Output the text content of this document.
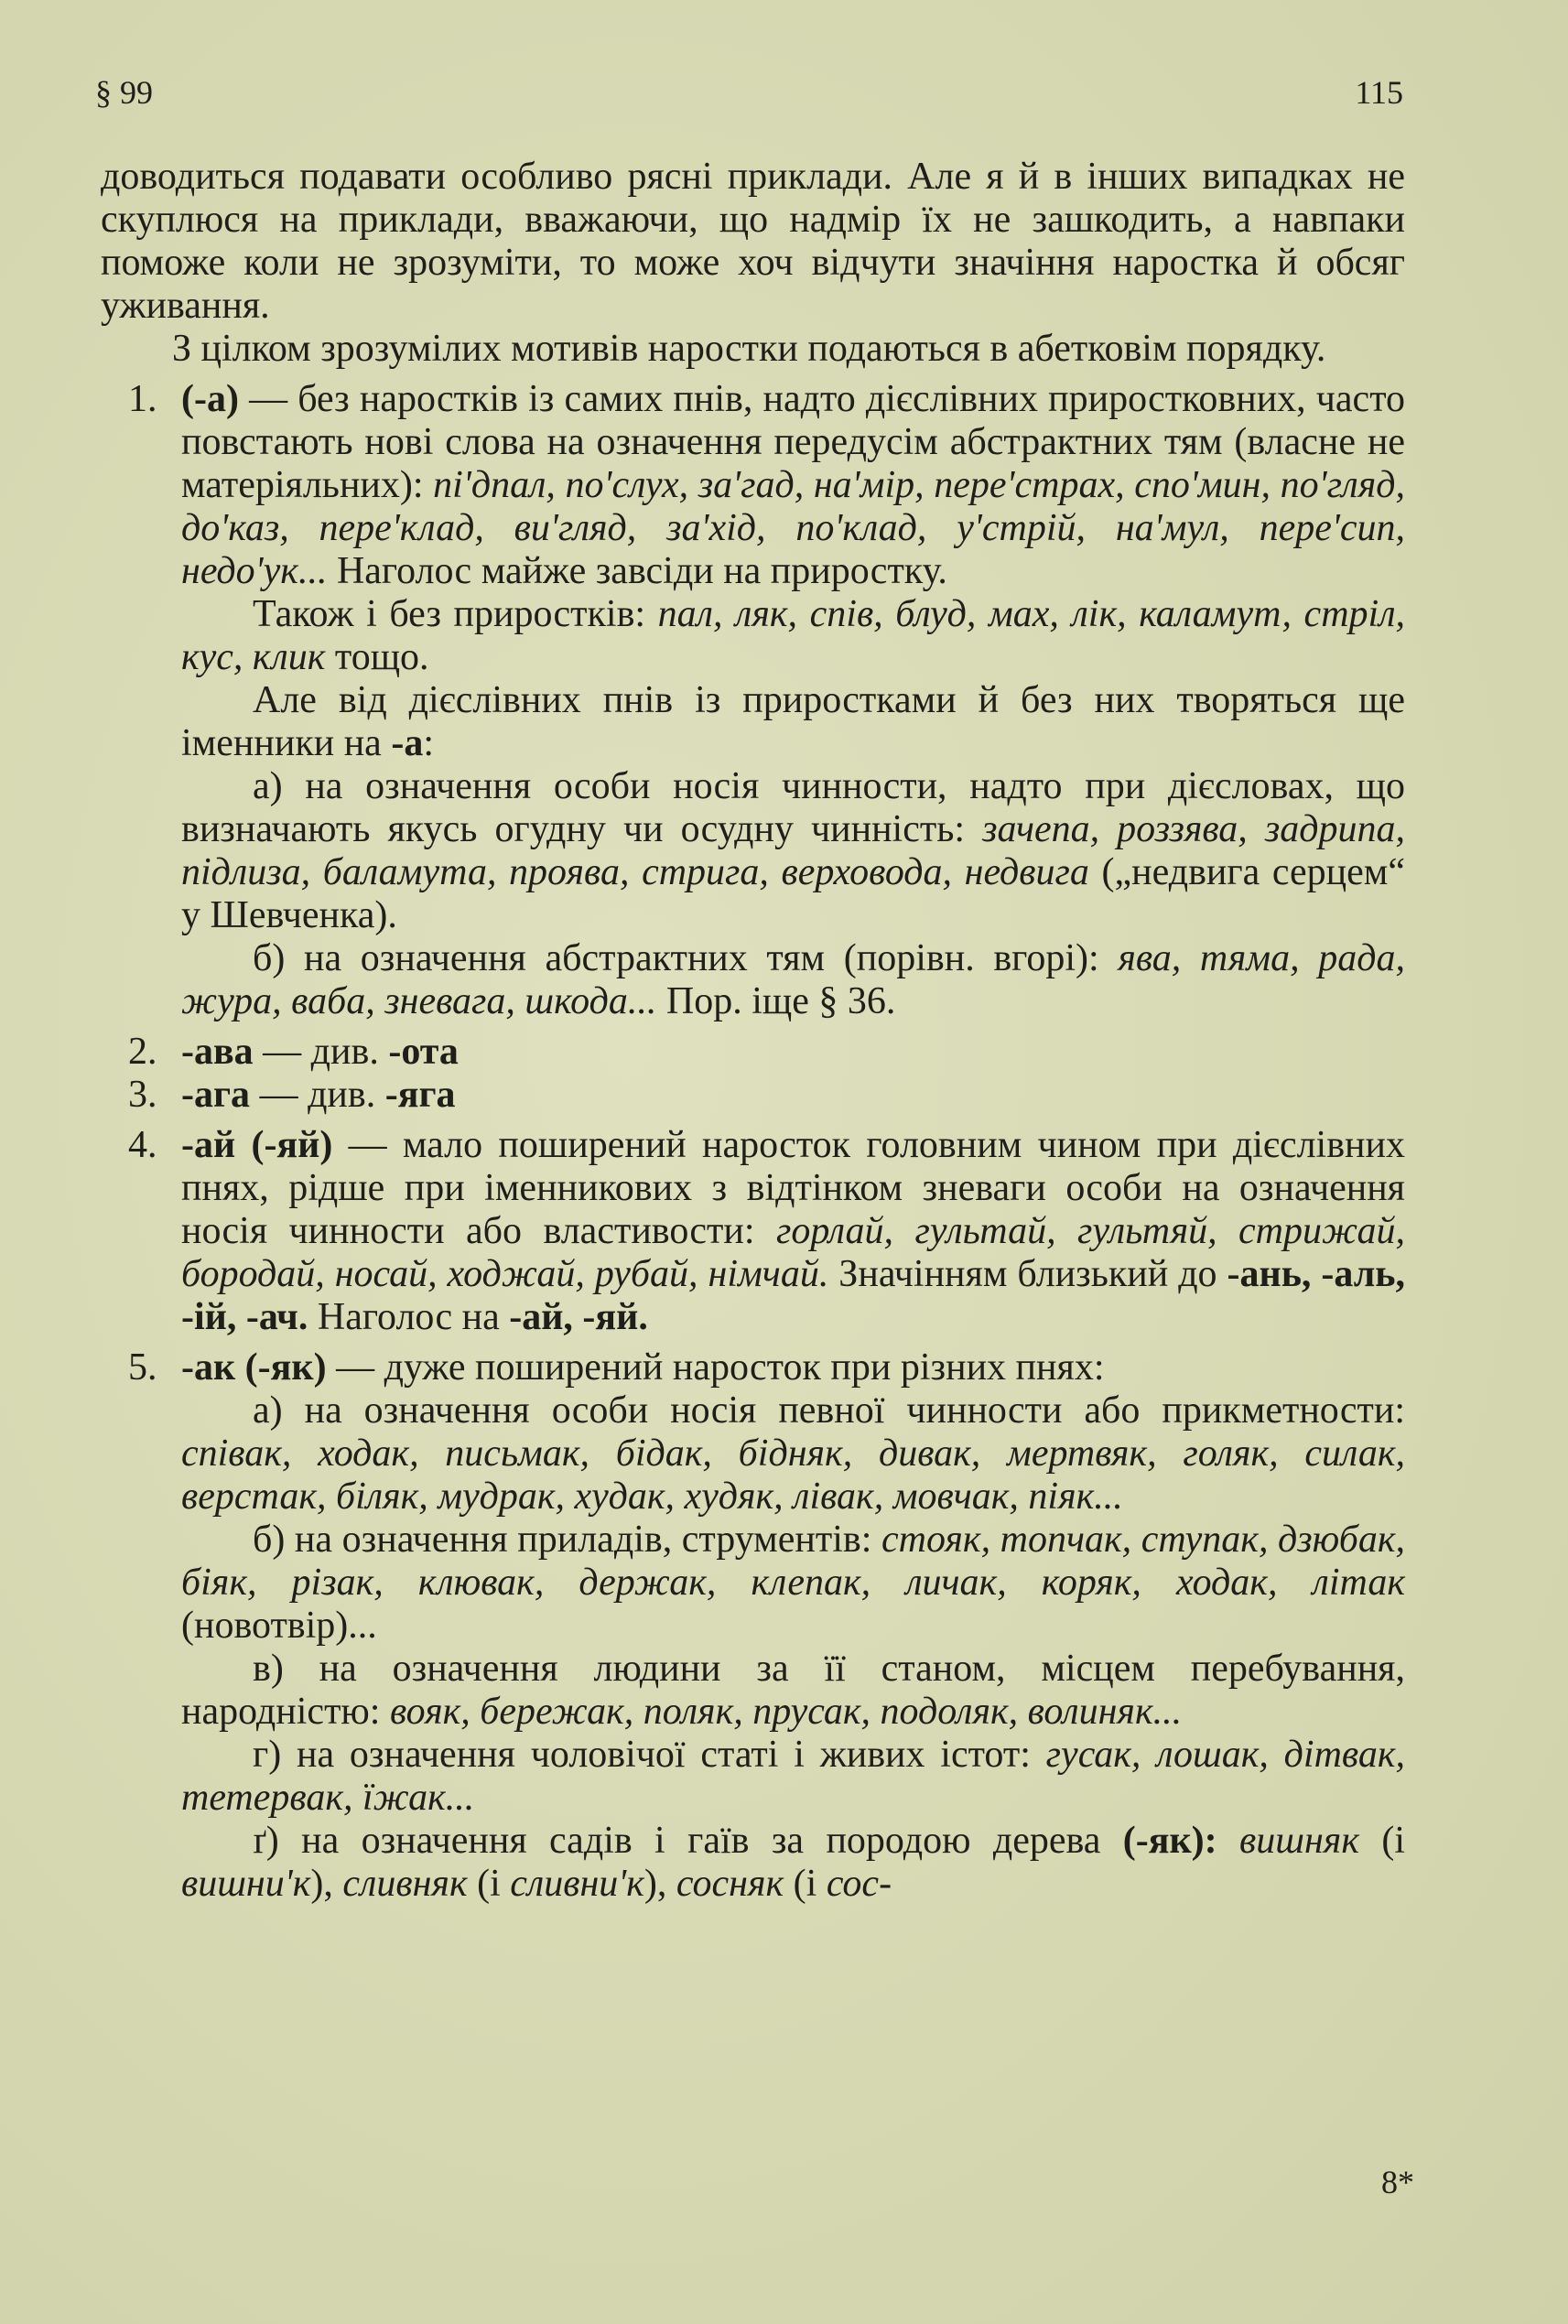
§ 99	115

доводиться подавати особливо рясні приклади. Але я й в інших випадках не скуплюся на приклади, вважаючи, що надмір їх не зашкодить, а навпаки поможе коли не зрозуміти, то може хоч відчути значіння наростка й обсяг уживання.

З цілком зрозумілих мотивів наростки подаються в абетковім порядку.

1. (-а) — без наростків із самих пнів, надто дієслівних приростковних, часто повстають нові слова на означення передусім абстрактних тям (власне не матеріяльних): пі'дпал, по'слух, за'гад, на'мір, пере'страх, спо'мин, по'гляд, до'каз, пере'клад, ви'гляд, за'хід, по'клад, у'стрій, на'мул, пере'сип, недо'ук... Наголос майже завсіди на приростку.

Також і без приростків: пал, ляк, спів, блуд, мах, лік, каламут, стріл, кус, клик тощо.

Але від дієслівних пнів із приростками й без них творяться ще іменники на -а:

а) на означення особи носія чинности, надто при дієсловах, що визначають якусь огудну чи осудну чинність: зачепа, роззява, задрипа, підлиза, баламута, проява, стрига, верховода, недвига („недвига серцем“ у Шевченка).

б) на означення абстрактних тям (порівн. вгорі): ява, тяма, рада, жура, ваба, зневага, шкода... Пор. іще § 36.

2. -ава — див. -ота

3. -ага — див. -яга

4. -ай (-яй) — мало поширений наросток головним чином при дієслівних пнях, рідше при іменникових з відтінком зневаги особи на означення носія чинности або властивости: горлай, гультай, гультяй, стрижай, бородай, носай, ходжай, рубай, німчай. Значінням близький до -ань, -аль, -ій, -ач. Наголос на -ай, -яй.

5. -ак (-як) — дуже поширений наросток при різних пнях:

а) на означення особи носія певної чинности або прикметности: співак, ходак, письмак, бідак, бідняк, дивак, мертвяк, голяк, силак, верстак, біляк, мудрак, худак, худяк, лівак, мовчак, піяк...

б) на означення приладів, струментів: стояк, топчак, ступак, дзюбак, біяк, різак, клювак, держак, клепак, личак, коряк, ходак, літак (новотвір)...

в) на означення людини за її станом, місцем перебування, народністю: вояк, бережак, поляк, прусак, подоляк, волиняк...

г) на означення чоловічої статі і живих істот: гусак, лошак, дітвак, тетервак, їжак...

ґ) на означення садів і гаїв за породою дерева (-як): вишняк (і вишни'к), сливняк (і сливни'к), сосняк (і сос-

8*
